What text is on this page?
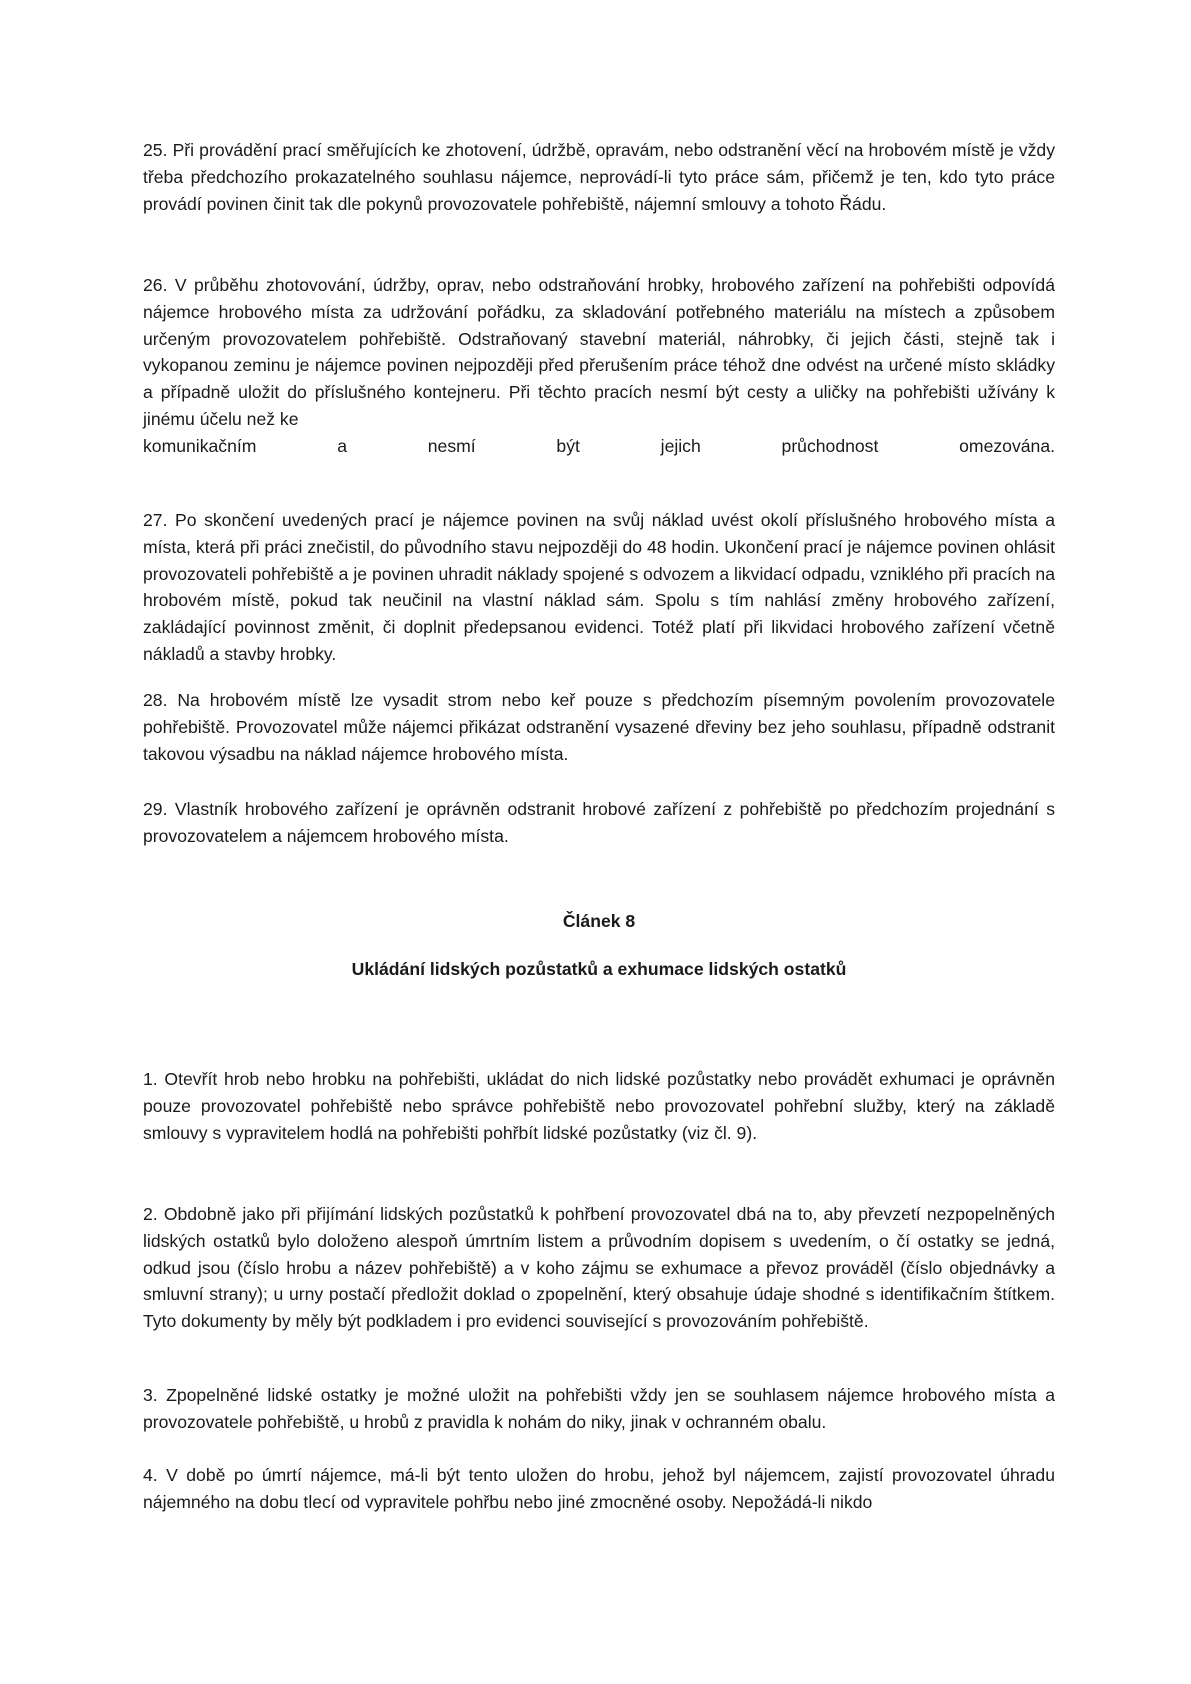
25. Při provádění prací směřujících ke zhotovení, údržbě, opravám, nebo odstranění věcí na hrobovém místě je vždy třeba předchozího prokazatelného souhlasu nájemce, neprovádí-li tyto práce sám, přičemž je ten, kdo tyto práce provádí povinen činit tak dle pokynů provozovatele pohřebiště, nájemní smlouvy a tohoto Řádu.

26. V průběhu zhotovování, údržby, oprav, nebo odstraňování hrobky, hrobového zařízení na pohřebišti odpovídá nájemce hrobového místa za udržování pořádku, za skladování potřebného materiálu na místech a způsobem určeným provozovatelem pohřebiště. Odstraňovaný stavební materiál, náhrobky, či jejich části, stejně tak i vykopanou zeminu je nájemce povinen nejpozději před přerušením práce téhož dne odvést na určené místo skládky a případně uložit do příslušného kontejneru. Při těchto pracích nesmí být cesty a uličky na pohřebišti užívány k jinému účelu než ke
komunikačním a nesmí být jejich průchodnost omezována.

27. Po skončení uvedených prací je nájemce povinen na svůj náklad uvést okolí příslušného hrobového místa a místa, která při práci znečistil, do původního stavu nejpozději do 48 hodin. Ukončení prací je nájemce povinen ohlásit provozovateli pohřebiště a je povinen uhradit náklady spojené s odvozem a likvidací odpadu, vzniklého při pracích na hrobovém místě, pokud tak neučinil na vlastní náklad sám. Spolu s tím nahlásí změny hrobového zařízení, zakládající povinnost změnit, či doplnit předepsanou evidenci. Totéž platí při likvidaci hrobového zařízení včetně nákladů a stavby hrobky.

28. Na hrobovém místě lze vysadit strom nebo keř pouze s předchozím písemným povolením provozovatele pohřebiště. Provozovatel může nájemci přikázat odstranění vysazené dřeviny bez jeho souhlasu, případně odstranit takovou výsadbu na náklad nájemce hrobového místa.

29. Vlastník hrobového zařízení je oprávněn odstranit hrobové zařízení z pohřebiště po předchozím projednání s provozovatelem a nájemcem hrobového místa.

Článek 8
Ukládání lidských pozůstatků a exhumace lidských ostatků

1. Otevřít hrob nebo hrobku na pohřebišti, ukládat do nich lidské pozůstatky nebo provádět exhumaci je oprávněn pouze provozovatel pohřebiště nebo správce pohřebiště nebo provozovatel pohřební služby, který na základě smlouvy s vypravitelem hodlá na pohřebišti pohřbít lidské pozůstatky (viz čl. 9).

2. Obdobně jako při přijímání lidských pozůstatků k pohřbení provozovatel dbá na to, aby převzetí nezpopelněných lidských ostatků bylo doloženo alespoň úmrtním listem a průvodním dopisem s uvedením, o čí ostatky se jedná, odkud jsou (číslo hrobu a název pohřebiště) a v koho zájmu se exhumace a převoz prováděl (číslo objednávky a smluvní strany); u urny postačí předložit doklad o zpopelnění, který obsahuje údaje shodné s identifikačním štítkem. Tyto dokumenty by měly být podkladem i pro evidenci související s provozováním pohřebiště.

3. Zpopelněné lidské ostatky je možné uložit na pohřebišti vždy jen se souhlasem nájemce hrobového místa a provozovatele pohřebiště, u hrobů z pravidla k nohám do niky, jinak v ochranném obalu.

4. V době po úmrtí nájemce, má-li být tento uložen do hrobu, jehož byl nájemcem, zajistí provozovatel úhradu nájemného na dobu tlecí od vypravitele pohřbu nebo jiné zmocněné osoby. Nepožádá-li nikdo
